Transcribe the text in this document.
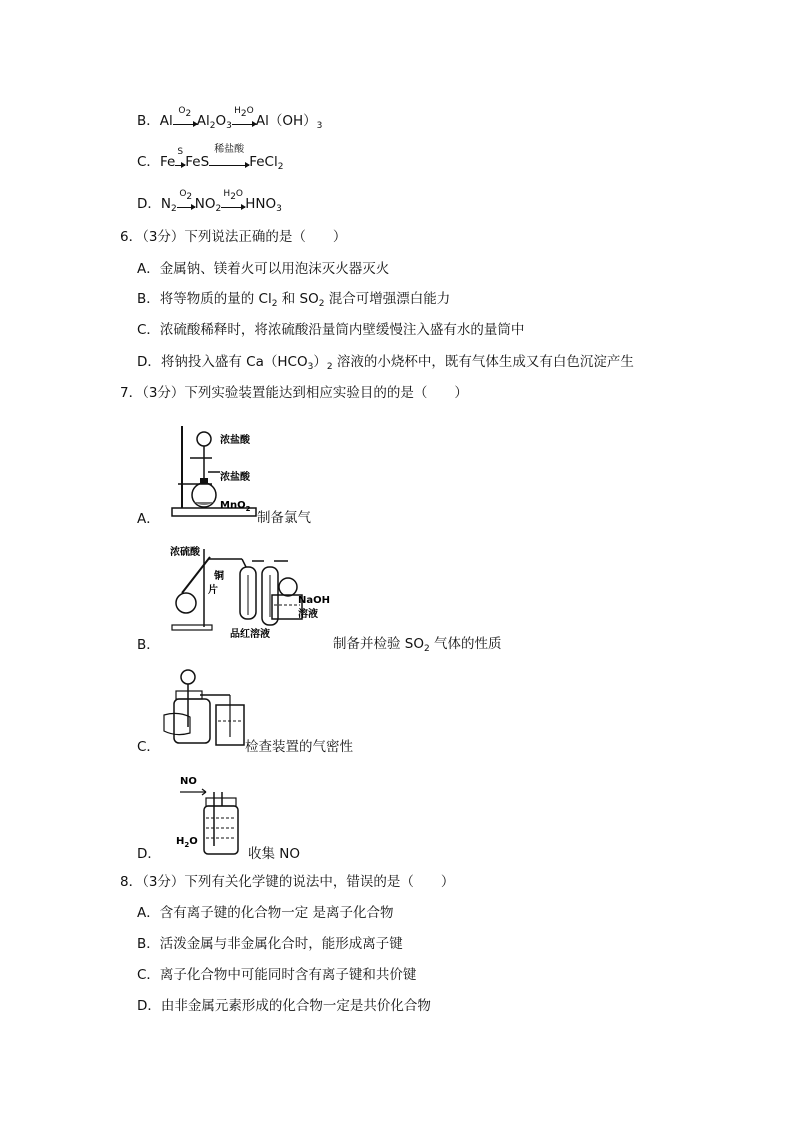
B．Al
O2 $Al_2O_3$
H2O
$Al(OH)_3$
C．Fe
S
FeS
稀盐酸
FeCl$_2$
D．$N_2$
O2 $NO_2$
H2O
$HNO_3$
6．（3分）下列说法正确的是（　　）
A．金属钠、镁着火可以用泡沫灭火器灭火
B．将等物质的量的 $Cl_2$ 和 $SO_2$ 混合可增强漂白能力
C．浓硫酸稀释时，将浓硫酸沿量筒内壁缓慢注入盛有水的量筒中
D．将钠投入盛有 $Ca(HCO_3)_2$ 溶液的小烧杯中，既有气体生成又有白色沉淀产生
7．（3分）下列实验装置能达到相应实验目的的是（　　）
A．
浓盐酸
浓盐酸
MnO$_2$
制备氯气
B．
浓硫酸
铜
片
品红溶液
NaOH
溶液
制备并检验 $SO_2$ 气体的性质
C．	检查装置的气密性
D．
NO
$H_2O$
收集 NO
8．（3分）下列有关化学键的说法中，错误的是（　　）
A．含有离子键的化合物一定 是离子化合物
B．活泼金属与非金属化合时，能形成离子键
C．离子化合物中可能同时含有离子键和共价键
D．由非金属元素形成的化合物一定是共价化合物
